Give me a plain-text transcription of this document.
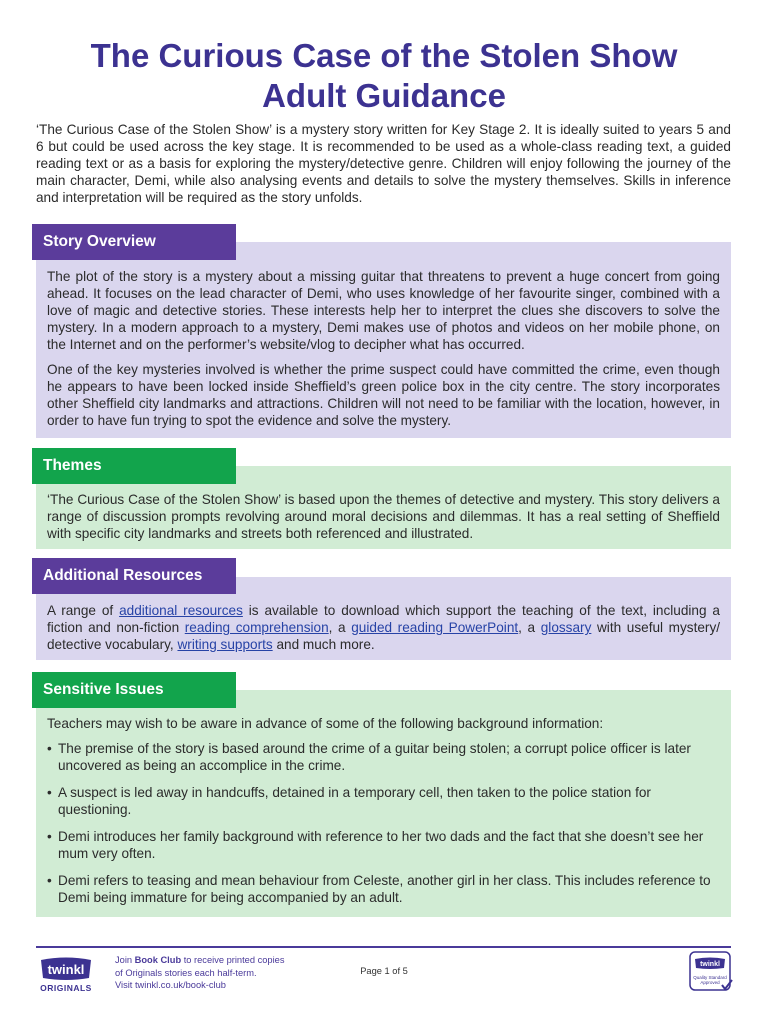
The Curious Case of the Stolen Show
Adult Guidance

‘The Curious Case of the Stolen Show’ is a mystery story written for Key Stage 2. It is ideally suited to years 5 and 6 but could be used across the key stage. It is recommended to be used as a whole-class reading text, a guided reading text or as a basis for exploring the mystery/detective genre. Children will enjoy following the journey of the main character, Demi, while also analysing events and details to solve the mystery themselves. Skills in inference and interpretation will be required as the story unfolds.

The plot of the story is a mystery about a missing guitar that threatens to prevent a huge concert from going ahead. It focuses on the lead character of Demi, who uses knowledge of her favourite singer, combined with a love of magic and detective stories. These interests help her to interpret the clues she discovers to solve the mystery. In a modern approach to a mystery, Demi makes use of photos and videos on her mobile phone, on the Internet and on the performer’s website/vlog to decipher what has occurred.

One of the key mysteries involved is whether the prime suspect could have committed the crime, even though he appears to have been locked inside Sheffield’s green police box in the city centre. The story incorporates other Sheffield city landmarks and attractions. Children will not need to be familiar with the location, however, in order to have fun trying to spot the evidence and solve the mystery.

Story Overview

‘The Curious Case of the Stolen Show’ is based upon the themes of detective and mystery. This story delivers a range of discussion prompts revolving around moral decisions and dilemmas. It has a real setting of Sheffield with specific city landmarks and streets both referenced and illustrated.

Themes

A range of additional resources is available to download which support the teaching of the text, including a fiction and non-fiction reading comprehension, a guided reading PowerPoint, a glossary with useful mystery/ detective vocabulary, writing supports and much more.

Additional Resources

Teachers may wish to be aware in advance of some of the following background information:

• The premise of the story is based around the crime of a guitar being stolen; a corrupt police officer is later uncovered as being an accomplice in the crime.
• A suspect is led away in handcuffs, detained in a temporary cell, then taken to the police station for questioning.
• Demi introduces her family background with reference to her two dads and the fact that she doesn’t see her mum very often.
• Demi refers to teasing and mean behaviour from Celeste, another girl in her class. This includes reference to Demi being immature for being accompanied by an adult.
Sensitive Issues
twinkl
ORIGINALS
Join Book Club to receive printed copies
of Originals stories each half-term.
Visit twinkl.co.uk/book-club
Page 1 of 5
twinkl
Quality Standard
Approved
